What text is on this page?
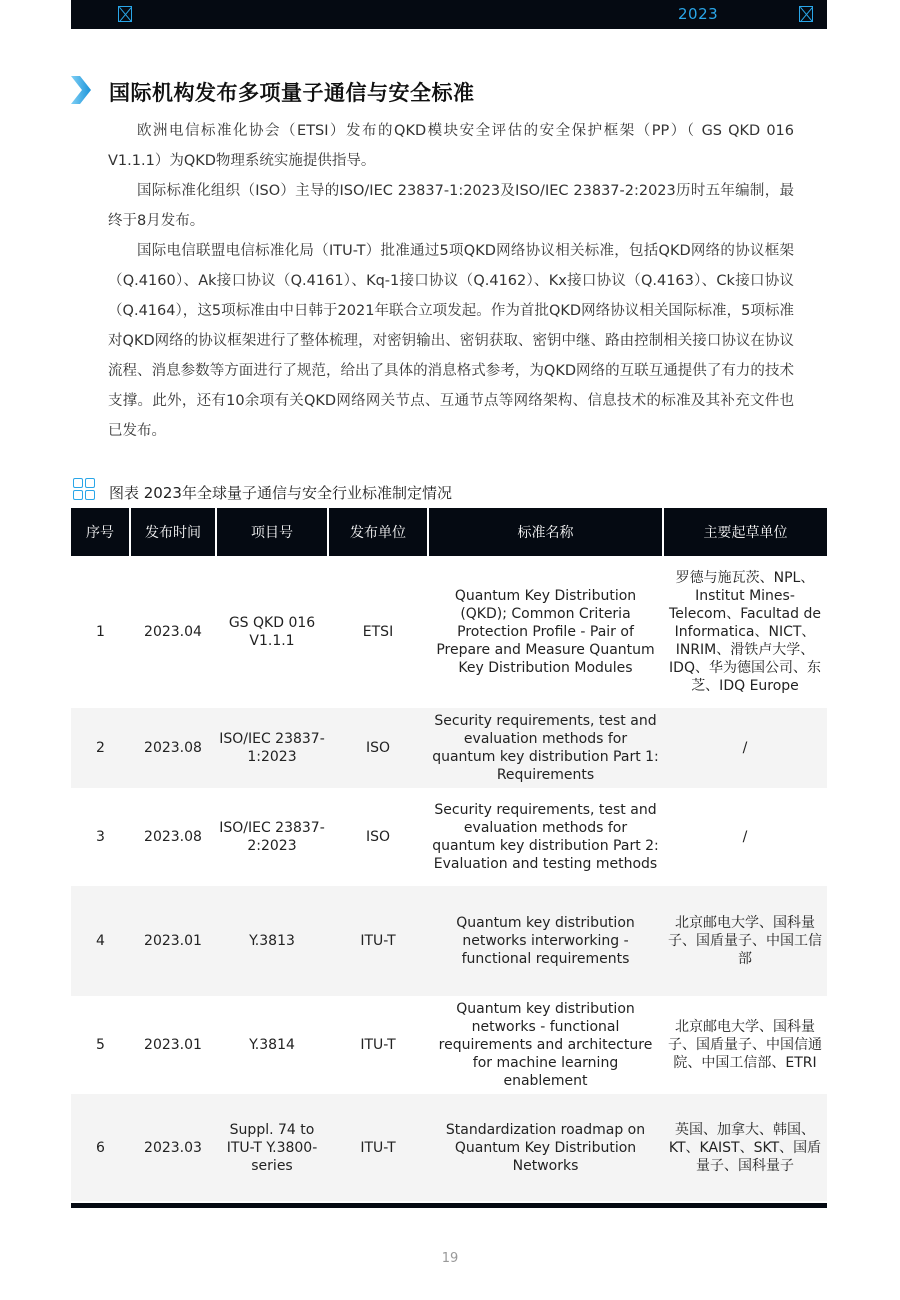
2023
国际机构发布多项量子通信与安全标准

欧洲电信标准化协会（ETSI）发布的QKD模块安全评估的安全保护框架（PP）（ GS QKD 016 V1.1.1）为QKD物理系统实施提供指导。

国际标准化组织（ISO）主导的ISO/IEC 23837-1:2023及ISO/IEC 23837-2:2023历时五年编制，最终于8月发布。

国际电信联盟电信标准化局（ITU-T）批准通过5项QKD网络协议相关标准，包括QKD网络的协议框架（Q.4160）、Ak接口协议（Q.4161）、Kq-1接口协议（Q.4162）、Kx接口协议（Q.4163）、Ck接口协议（Q.4164），这5项标准由中日韩于2021年联合立项发起。作为首批QKD网络协议相关国际标准，5项标准对QKD网络的协议框架进行了整体梳理，对密钥输出、密钥获取、密钥中继、路由控制相关接口协议在协议流程、消息参数等方面进行了规范，给出了具体的消息格式参考，为QKD网络的互联互通提供了有力的技术支撑。此外，还有10余项有关QKD网络网关节点、互通节点等网络架构、信息技术的标准及其补充文件也已发布。

图表 2023年全球量子通信与安全行业标准制定情况
序号	发布时间	项目号	发布单位	标准名称	主要起草单位
1	2023.04	GS QKD 016 V1.1.1	ETSI	Quantum Key Distribution (QKD); Common Criteria Protection Profile - Pair of Prepare and Measure Quantum Key Distribution Modules	罗德与施瓦茨、NPL、Institut Mines-Telecom、Facultad de Informatica、NICT、INRIM、滑铁卢大学、IDQ、华为德国公司、东芝、IDQ Europe
2	2023.08	ISO/IEC 23837-1:2023	ISO	Security requirements, test and evaluation methods for quantum key distribution Part 1: Requirements	/
3	2023.08	ISO/IEC 23837-2:2023	ISO	Security requirements, test and evaluation methods for quantum key distribution Part 2: Evaluation and testing methods	/
4	2023.01	Y.3813	ITU-T	Quantum key distribution networks interworking - functional requirements	北京邮电大学、国科量子、国盾量子、中国工信部
5	2023.01	Y.3814	ITU-T	Quantum key distribution networks - functional requirements and architecture for machine learning enablement	北京邮电大学、国科量子、国盾量子、中国信通院、中国工信部、ETRI
6	2023.03	Suppl. 74 to ITU-T Y.3800-series	ITU-T	Standardization roadmap on Quantum Key Distribution Networks	英国、加拿大、韩国、KT、KAIST、SKT、国盾量子、国科量子
19
